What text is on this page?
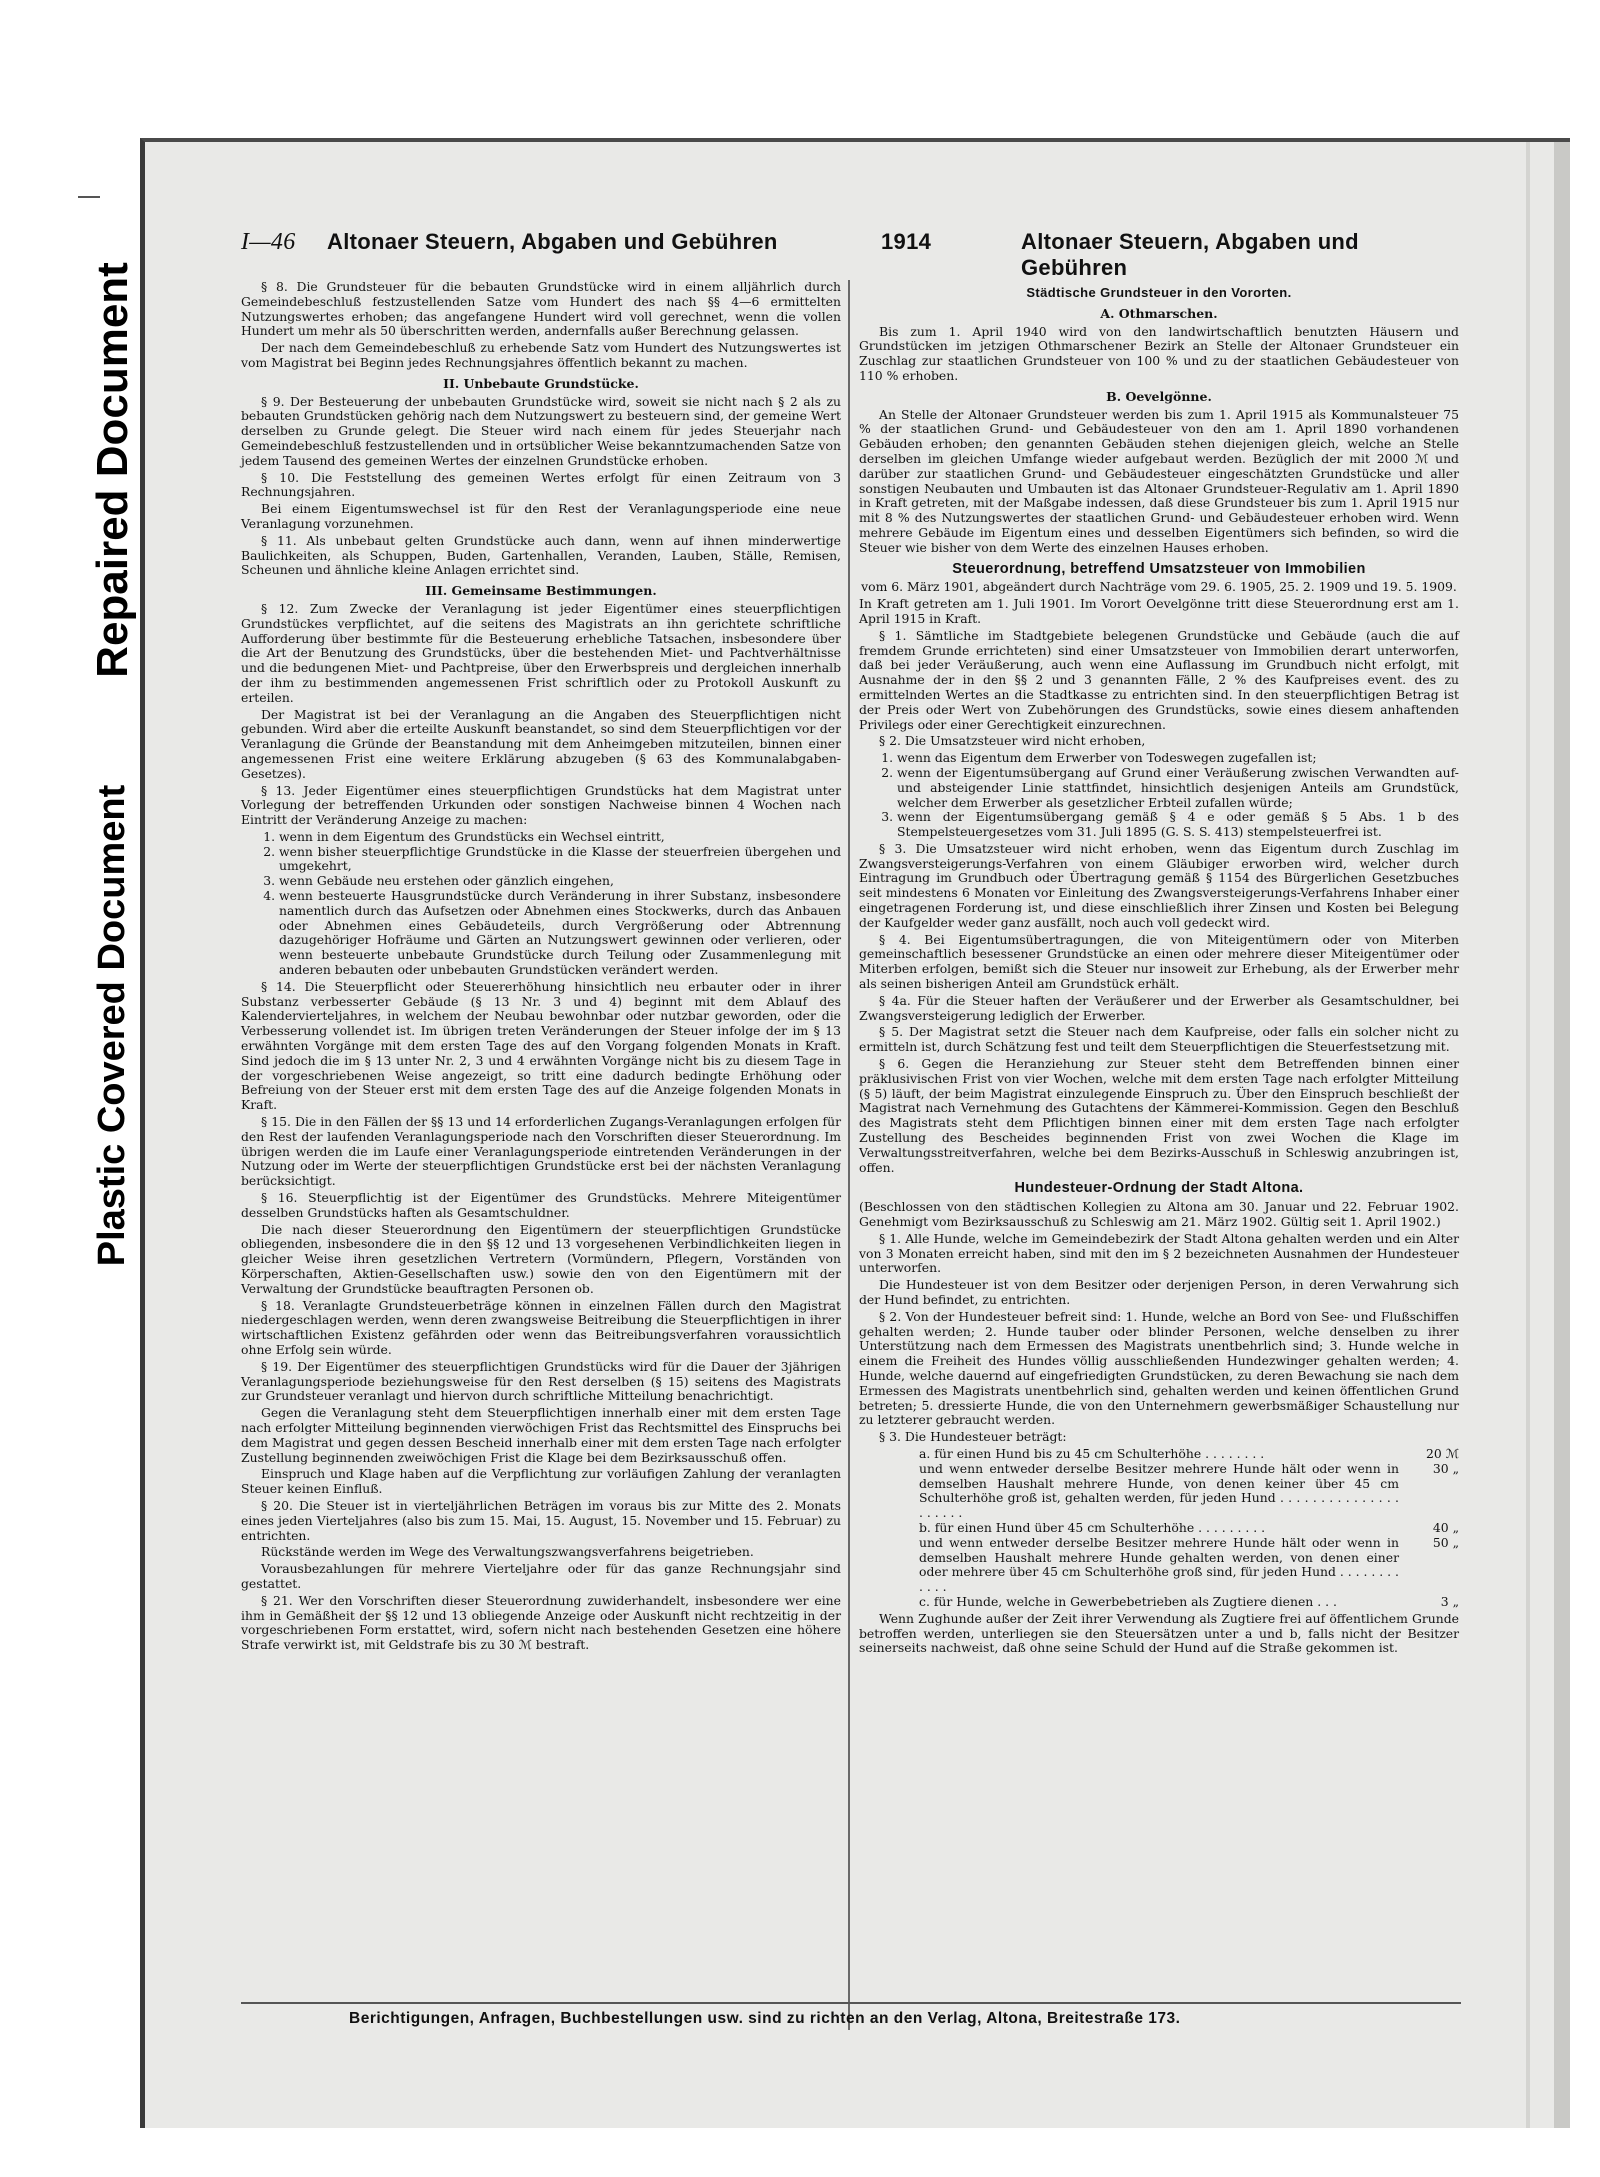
Repaired Document
Plastic Covered Document
I—46 Altonaer Steuern, Abgaben und Gebühren	1914	Altonaer Steuern, Abgaben und Gebühren

§ 8. Die Grundsteuer für die bebauten Grundstücke wird in einem alljährlich durch Gemeindebeschluß festzustellenden Satze vom Hundert des nach §§ 4—6 ermittelten Nutzungswertes erhoben; das angefangene Hundert wird voll gerechnet, wenn die vollen Hundert um mehr als 50 überschritten werden, andernfalls außer Berechnung gelassen.

Der nach dem Gemeindebeschluß zu erhebende Satz vom Hundert des Nutzungswertes ist vom Magistrat bei Beginn jedes Rechnungsjahres öffentlich bekannt zu machen.

II. Unbebaute Grundstücke.

§ 9. Der Besteuerung der unbebauten Grundstücke wird, soweit sie nicht nach § 2 als zu bebauten Grundstücken gehörig nach dem Nutzungswert zu besteuern sind, der gemeine Wert derselben zu Grunde gelegt. Die Steuer wird nach einem für jedes Steuerjahr nach Gemeindebeschluß festzustellenden und in ortsüblicher Weise bekanntzumachenden Satze von jedem Tausend des gemeinen Wertes der einzelnen Grundstücke erhoben.

§ 10. Die Feststellung des gemeinen Wertes erfolgt für einen Zeitraum von 3 Rechnungsjahren.

Bei einem Eigentumswechsel ist für den Rest der Veranlagungsperiode eine neue Veranlagung vorzunehmen.

§ 11. Als unbebaut gelten Grundstücke auch dann, wenn auf ihnen minderwertige Baulichkeiten, als Schuppen, Buden, Gartenhallen, Veranden, Lauben, Ställe, Remisen, Scheunen und ähnliche kleine Anlagen errichtet sind.

III. Gemeinsame Bestimmungen.

§ 12. Zum Zwecke der Veranlagung ist jeder Eigentümer eines steuerpflichtigen Grundstückes verpflichtet, auf die seitens des Magistrats an ihn gerichtete schriftliche Aufforderung über bestimmte für die Besteuerung erhebliche Tatsachen, insbesondere über die Art der Benutzung des Grundstücks, über die bestehenden Miet- und Pachtverhältnisse und die bedungenen Miet- und Pachtpreise, über den Erwerbspreis und dergleichen innerhalb der ihm zu bestimmenden angemessenen Frist schriftlich oder zu Protokoll Auskunft zu erteilen.

Der Magistrat ist bei der Veranlagung an die Angaben des Steuerpflichtigen nicht gebunden. Wird aber die erteilte Auskunft beanstandet, so sind dem Steuerpflichtigen vor der Veranlagung die Gründe der Beanstandung mit dem Anheimgeben mitzuteilen, binnen einer angemessenen Frist eine weitere Erklärung abzugeben (§ 63 des Kommunalabgaben-Gesetzes).

§ 13. Jeder Eigentümer eines steuerpflichtigen Grundstücks hat dem Magistrat unter Vorlegung der betreffenden Urkunden oder sonstigen Nachweise binnen 4 Wochen nach Eintritt der Veränderung Anzeige zu machen:

1. wenn in dem Eigentum des Grundstücks ein Wechsel eintritt,
2. wenn bisher steuerpflichtige Grundstücke in die Klasse der steuerfreien übergehen und umgekehrt,
3. wenn Gebäude neu erstehen oder gänzlich eingehen,
4. wenn besteuerte Hausgrundstücke durch Veränderung in ihrer Substanz, insbesondere namentlich durch das Aufsetzen oder Abnehmen eines Stockwerks, durch das Anbauen oder Abnehmen eines Gebäudeteils, durch Vergrößerung oder Abtrennung dazugehöriger Hofräume und Gärten an Nutzungswert gewinnen oder verlieren, oder wenn besteuerte unbebaute Grundstücke durch Teilung oder Zusammenlegung mit anderen bebauten oder unbebauten Grundstücken verändert werden.

§ 14. Die Steuerpflicht oder Steuererhöhung hinsichtlich neu erbauter oder in ihrer Substanz verbesserter Gebäude (§ 13 Nr. 3 und 4) beginnt mit dem Ablauf des Kalendervierteljahres, in welchem der Neubau bewohnbar oder nutzbar geworden, oder die Verbesserung vollendet ist. Im übrigen treten Veränderungen der Steuer infolge der im § 13 erwähnten Vorgänge mit dem ersten Tage des auf den Vorgang folgenden Monats in Kraft. Sind jedoch die im § 13 unter Nr. 2, 3 und 4 erwähnten Vorgänge nicht bis zu diesem Tage in der vorgeschriebenen Weise angezeigt, so tritt eine dadurch bedingte Erhöhung oder Befreiung von der Steuer erst mit dem ersten Tage des auf die Anzeige folgenden Monats in Kraft.

§ 15. Die in den Fällen der §§ 13 und 14 erforderlichen Zugangs-Veranlagungen erfolgen für den Rest der laufenden Veranlagungsperiode nach den Vorschriften dieser Steuerordnung. Im übrigen werden die im Laufe einer Veranlagungsperiode eintretenden Veränderungen in der Nutzung oder im Werte der steuerpflichtigen Grundstücke erst bei der nächsten Veranlagung berücksichtigt.

§ 16. Steuerpflichtig ist der Eigentümer des Grundstücks. Mehrere Miteigentümer desselben Grundstücks haften als Gesamtschuldner.

Die nach dieser Steuerordnung den Eigentümern der steuerpflichtigen Grundstücke obliegenden, insbesondere die in den §§ 12 und 13 vorgesehenen Verbindlichkeiten liegen in gleicher Weise ihren gesetzlichen Vertretern (Vormündern, Pflegern, Vorständen von Körperschaften, Aktien-Gesellschaften usw.) sowie den von den Eigentümern mit der Verwaltung der Grundstücke beauftragten Personen ob.

§ 18. Veranlagte Grundsteuerbeträge können in einzelnen Fällen durch den Magistrat niedergeschlagen werden, wenn deren zwangsweise Beitreibung die Steuerpflichtigen in ihrer wirtschaftlichen Existenz gefährden oder wenn das Beitreibungsverfahren voraussichtlich ohne Erfolg sein würde.

§ 19. Der Eigentümer des steuerpflichtigen Grundstücks wird für die Dauer der 3jährigen Veranlagungsperiode beziehungsweise für den Rest derselben (§ 15) seitens des Magistrats zur Grundsteuer veranlagt und hiervon durch schriftliche Mitteilung benachrichtigt.

Gegen die Veranlagung steht dem Steuerpflichtigen innerhalb einer mit dem ersten Tage nach erfolgter Mitteilung beginnenden vierwöchigen Frist das Rechtsmittel des Einspruchs bei dem Magistrat und gegen dessen Bescheid innerhalb einer mit dem ersten Tage nach erfolgter Zustellung beginnenden zweiwöchigen Frist die Klage bei dem Bezirksausschuß offen.

Einspruch und Klage haben auf die Verpflichtung zur vorläufigen Zahlung der veranlagten Steuer keinen Einfluß.

§ 20. Die Steuer ist in vierteljährlichen Beträgen im voraus bis zur Mitte des 2. Monats eines jeden Vierteljahres (also bis zum 15. Mai, 15. August, 15. November und 15. Februar) zu entrichten.

Rückstände werden im Wege des Verwaltungszwangsverfahrens beigetrieben.

Vorausbezahlungen für mehrere Vierteljahre oder für das ganze Rechnungsjahr sind gestattet.

§ 21. Wer den Vorschriften dieser Steuerordnung zuwiderhandelt, insbesondere wer eine ihm in Gemäßheit der §§ 12 und 13 obliegende Anzeige oder Auskunft nicht rechtzeitig in der vorgeschriebenen Form erstattet, wird, sofern nicht nach bestehenden Gesetzen eine höhere Strafe verwirkt ist, mit Geldstrafe bis zu 30 ℳ bestraft.

Städtische Grundsteuer in den Vororten.
A. Othmarschen.

Bis zum 1. April 1940 wird von den landwirtschaftlich benutzten Häusern und Grundstücken im jetzigen Othmarschener Bezirk an Stelle der Altonaer Grundsteuer ein Zuschlag zur staatlichen Grundsteuer von 100 % und zu der staatlichen Gebäudesteuer von 110 % erhoben.

B. Oevelgönne.

An Stelle der Altonaer Grundsteuer werden bis zum 1. April 1915 als Kommunalsteuer 75 % der staatlichen Grund- und Gebäudesteuer von den am 1. April 1890 vorhandenen Gebäuden erhoben; den genannten Gebäuden stehen diejenigen gleich, welche an Stelle derselben im gleichen Umfange wieder aufgebaut werden. Bezüglich der mit 2000 ℳ und darüber zur staatlichen Grund- und Gebäudesteuer eingeschätzten Grundstücke und aller sonstigen Neubauten und Umbauten ist das Altonaer Grundsteuer-Regulativ am 1. April 1890 in Kraft getreten, mit der Maßgabe indessen, daß diese Grundsteuer bis zum 1. April 1915 nur mit 8 % des Nutzungswertes der staatlichen Grund- und Gebäudesteuer erhoben wird. Wenn mehrere Gebäude im Eigentum eines und desselben Eigentümers sich befinden, so wird die Steuer wie bisher von dem Werte des einzelnen Hauses erhoben.

Steuerordnung, betreffend Umsatzsteuer von Immobilien

vom 6. März 1901, abgeändert durch Nachträge vom 29. 6. 1905, 25. 2. 1909 und 19. 5. 1909.

In Kraft getreten am 1. Juli 1901. Im Vorort Oevelgönne tritt diese Steuerordnung erst am 1. April 1915 in Kraft.

§ 1. Sämtliche im Stadtgebiete belegenen Grundstücke und Gebäude (auch die auf fremdem Grunde errichteten) sind einer Umsatzsteuer von Immobilien derart unterworfen, daß bei jeder Veräußerung, auch wenn eine Auflassung im Grundbuch nicht erfolgt, mit Ausnahme der in den §§ 2 und 3 genannten Fälle, 2 % des Kaufpreises event. des zu ermittelnden Wertes an die Stadtkasse zu entrichten sind. In den steuerpflichtigen Betrag ist der Preis oder Wert von Zubehörungen des Grundstücks, sowie eines diesem anhaftenden Privilegs oder einer Gerechtigkeit einzurechnen.

§ 2. Die Umsatzsteuer wird nicht erhoben,

1. wenn das Eigentum dem Erwerber von Todeswegen zugefallen ist;
2. wenn der Eigentumsübergang auf Grund einer Veräußerung zwischen Verwandten auf- und absteigender Linie stattfindet, hinsichtlich desjenigen Anteils am Grundstück, welcher dem Erwerber als gesetzlicher Erbteil zufallen würde;
3. wenn der Eigentumsübergang gemäß § 4 e oder gemäß § 5 Abs. 1 b des Stempelsteuergesetzes vom 31. Juli 1895 (G. S. S. 413) stempelsteuerfrei ist.

§ 3. Die Umsatzsteuer wird nicht erhoben, wenn das Eigentum durch Zuschlag im Zwangsversteigerungs-Verfahren von einem Gläubiger erworben wird, welcher durch Eintragung im Grundbuch oder Übertragung gemäß § 1154 des Bürgerlichen Gesetzbuches seit mindestens 6 Monaten vor Einleitung des Zwangsversteigerungs-Verfahrens Inhaber einer eingetragenen Forderung ist, und diese einschließlich ihrer Zinsen und Kosten bei Belegung der Kaufgelder weder ganz ausfällt, noch auch voll gedeckt wird.

§ 4. Bei Eigentumsübertragungen, die von Miteigentümern oder von Miterben gemeinschaftlich besessener Grundstücke an einen oder mehrere dieser Miteigentümer oder Miterben erfolgen, bemißt sich die Steuer nur insoweit zur Erhebung, als der Erwerber mehr als seinen bisherigen Anteil am Grundstück erhält.

§ 4a. Für die Steuer haften der Veräußerer und der Erwerber als Gesamtschuldner, bei Zwangsversteigerung lediglich der Erwerber.

§ 5. Der Magistrat setzt die Steuer nach dem Kaufpreise, oder falls ein solcher nicht zu ermitteln ist, durch Schätzung fest und teilt dem Steuerpflichtigen die Steuerfestsetzung mit.

§ 6. Gegen die Heranziehung zur Steuer steht dem Betreffenden binnen einer präklusivischen Frist von vier Wochen, welche mit dem ersten Tage nach erfolgter Mitteilung (§ 5) läuft, der beim Magistrat einzulegende Einspruch zu. Über den Einspruch beschließt der Magistrat nach Vernehmung des Gutachtens der Kämmerei-Kommission. Gegen den Beschluß des Magistrats steht dem Pflichtigen binnen einer mit dem ersten Tage nach erfolgter Zustellung des Bescheides beginnenden Frist von zwei Wochen die Klage im Verwaltungsstreitverfahren, welche bei dem Bezirks-Ausschuß in Schleswig anzubringen ist, offen.

Hundesteuer-Ordnung der Stadt Altona.

(Beschlossen von den städtischen Kollegien zu Altona am 30. Januar und 22. Februar 1902. Genehmigt vom Bezirksausschuß zu Schleswig am 21. März 1902. Gültig seit 1. April 1902.)

§ 1. Alle Hunde, welche im Gemeindebezirk der Stadt Altona gehalten werden und ein Alter von 3 Monaten erreicht haben, sind mit den im § 2 bezeichneten Ausnahmen der Hundesteuer unterworfen.

Die Hundesteuer ist von dem Besitzer oder derjenigen Person, in deren Verwahrung sich der Hund befindet, zu entrichten.

§ 2. Von der Hundesteuer befreit sind: 1. Hunde, welche an Bord von See- und Flußschiffen gehalten werden; 2. Hunde tauber oder blinder Personen, welche denselben zu ihrer Unterstützung nach dem Ermessen des Magistrats unentbehrlich sind; 3. Hunde welche in einem die Freiheit des Hundes völlig ausschließenden Hundezwinger gehalten werden; 4. Hunde, welche dauernd auf eingefriedigten Grundstücken, zu deren Bewachung sie nach dem Ermessen des Magistrats unentbehrlich sind, gehalten werden und keinen öffentlichen Grund betreten; 5. dressierte Hunde, die von den Unternehmern gewerbsmäßiger Schaustellung nur zu letzterer gebraucht werden.

§ 3. Die Hundesteuer beträgt:

a. für einen Hund bis zu 45 cm Schulterhöhe . . . . . . . .	20 ℳ
und wenn entweder derselbe Besitzer mehrere Hunde hält oder wenn in demselben Haushalt mehrere Hunde, von denen keiner über 45 cm Schulterhöhe groß ist, gehalten werden, für jeden Hund . . . . . . . . . . . . . . . . . . . . .
30 „
b. für einen Hund über 45 cm Schulterhöhe . . . . . . . . .	40 „
und wenn entweder derselbe Besitzer mehrere Hunde hält oder wenn in demselben Haushalt mehrere Hunde gehalten werden, von denen einer oder mehrere über 45 cm Schulterhöhe groß sind, für jeden Hund . . . . . . . . . . . .
50 „
c. für Hunde, welche in Gewerbebetrieben als Zugtiere dienen . . .	3 „

Wenn Zughunde außer der Zeit ihrer Verwendung als Zugtiere frei auf öffentlichem Grunde betroffen werden, unterliegen sie den Steuersätzen unter a und b, falls nicht der Besitzer seinerseits nachweist, daß ohne seine Schuld der Hund auf die Straße gekommen ist.

Berichtigungen, Anfragen, Buchbestellungen usw. sind zu richten an den Verlag, Altona, Breitestraße 173.
